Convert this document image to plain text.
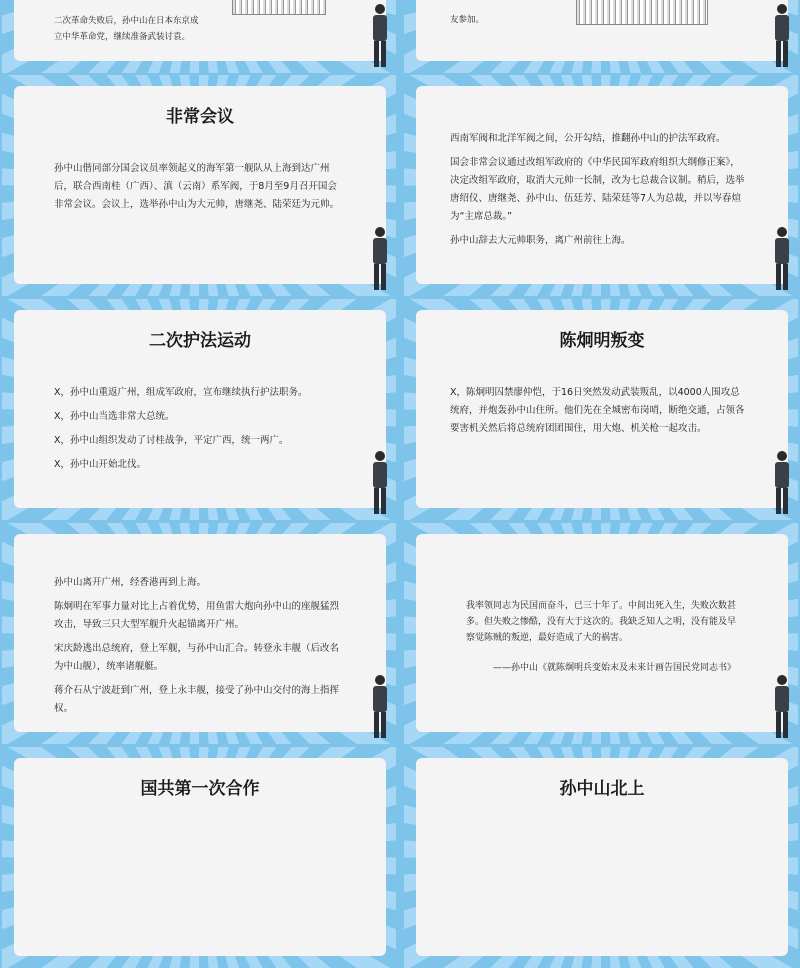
二次革命失败后，孙中山在日本东京成
立中华革命党，继续准备武装讨袁。
友参加。
非常会议

孙中山偕同部分国会议员率领起义的海军第一舰队从上海到达广州后，联合西南桂（广西）、滇（云南）系军阀，于8月至9月召开国会非常会议。会议上，选举孙中山为大元帅，唐继尧、陆荣廷为元帅。

西南军阀和北洋军阀之间，公开勾结，推翻孙中山的护法军政府。

国会非常会议通过改组军政府的《中华民国军政府组织大纲修正案》，决定改组军政府，取消大元帅一长制，改为七总裁合议制。稍后，选举唐绍仪、唐继尧、孙中山、伍廷芳、陆荣廷等7人为总裁，并以岑春煊为“主席总裁。”

孙中山辞去大元帅职务，离广州前往上海。

二次护法运动

X，孙中山重返广州，组成军政府，宣布继续执行护法职务。

X，孙中山当选非常大总统。

X，孙中山组织发动了讨桂战争，平定广西，统一两广。

X，孙中山开始北伐。

陈炯明叛变

X，陈炯明囚禁廖仲恺，于16日突然发动武装叛乱，以4000人围攻总统府，并炮轰孙中山住所。他们先在全城密布岗哨，断绝交通，占领各要害机关然后将总统府团团围住，用大炮、机关枪一起攻击。

孙中山离开广州，经香港再到上海。

陈炯明在军事力量对比上占着优势，用鱼雷大炮向孙中山的座舰猛烈攻击，导致三只大型军舰升火起锚离开广州。

宋庆龄逃出总统府，登上军舰，与孙中山汇合。转登永丰舰（后改名为中山舰），统率诸舰艇。

蒋介石从宁波赶到广州，登上永丰舰，接受了孙中山交付的海上指挥权。

我率领同志为民国而奋斗，已三十年了。中间出死入生，失败次数甚多。但失败之惨酷，没有大于这次的。我缺乏知人之明，没有能及早察觉陈贼的叛逆，最好造成了大的祸害。
——孙中山《就陈炯明兵变始末及未来计画告国民党同志书》
国共第一次合作	孙中山北上
